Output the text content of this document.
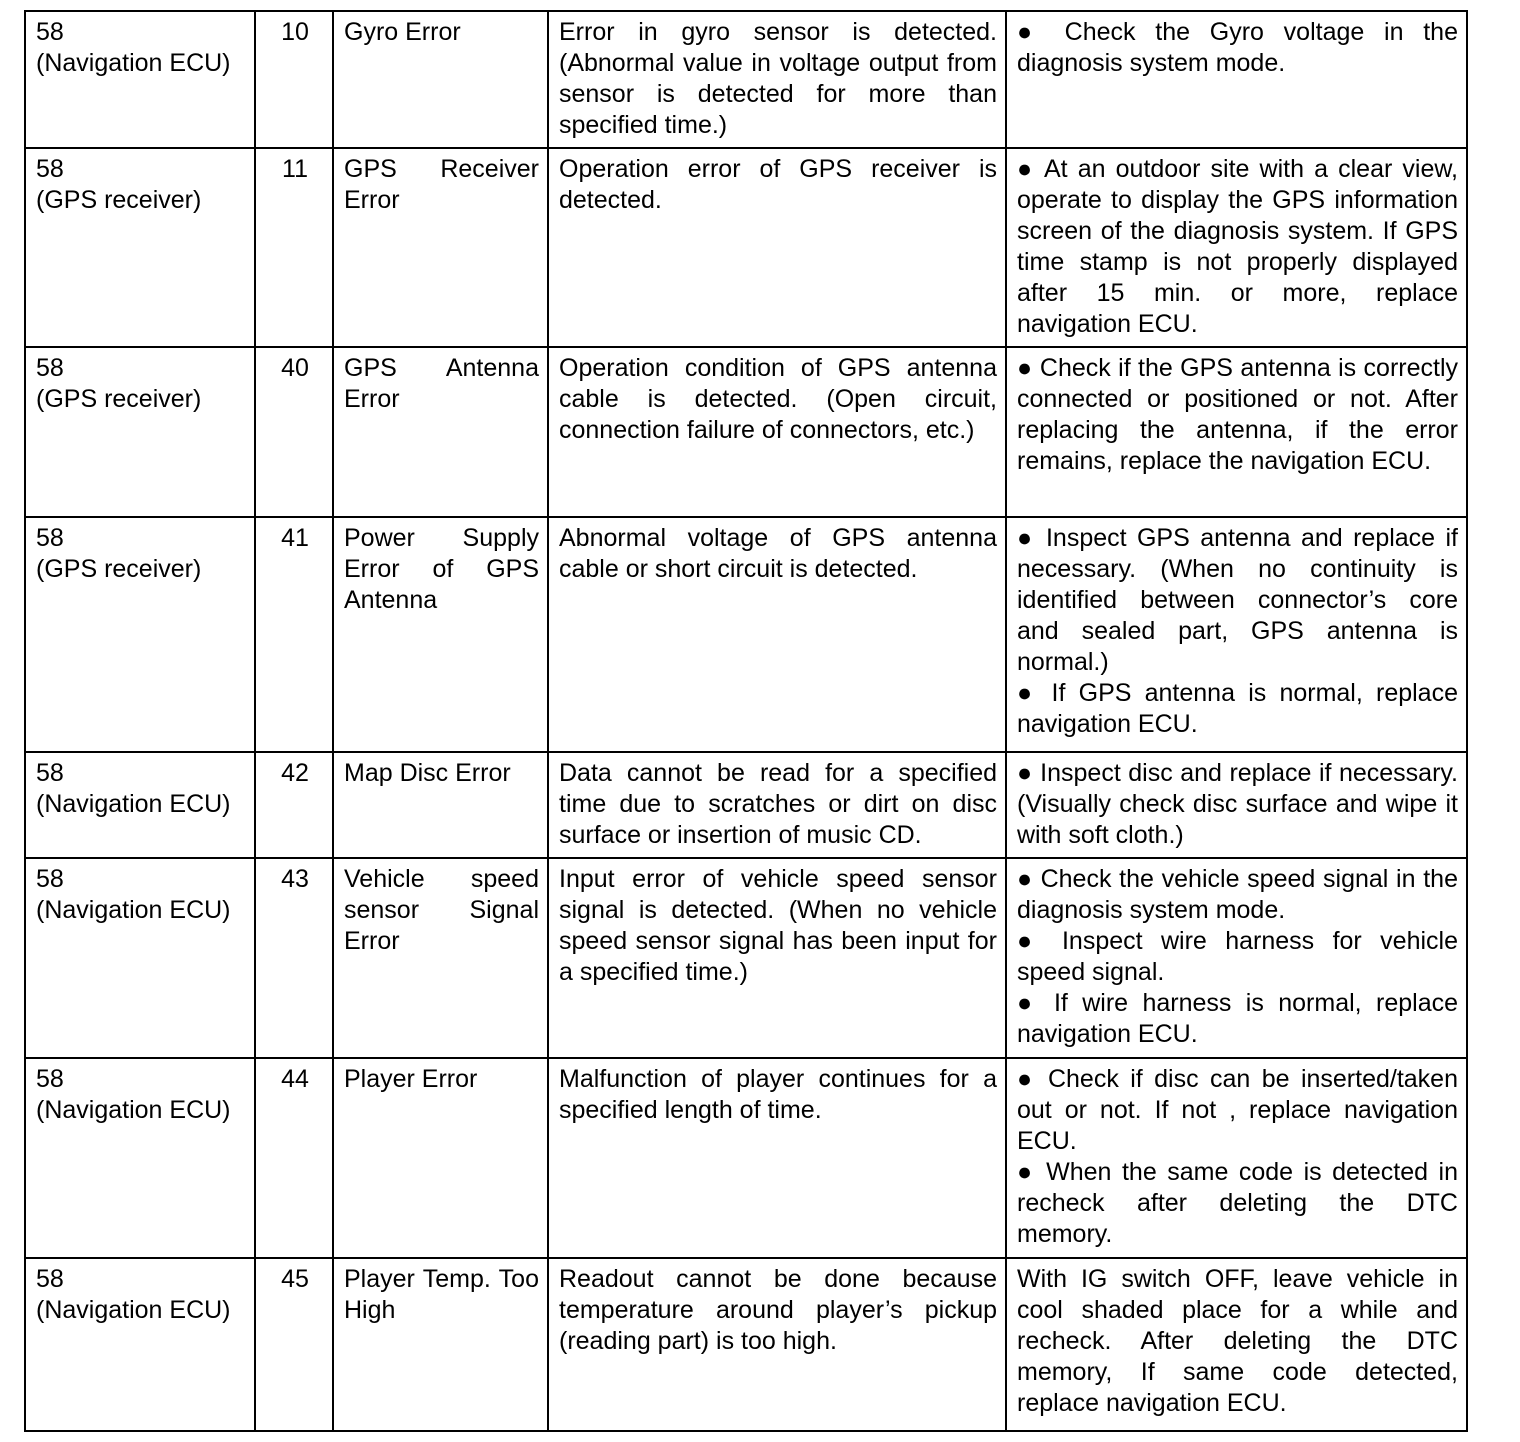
58
(Navigation ECU)	10	Gyro Error	Error in gyro sensor is detected. (Abnormal value in voltage output from sensor is detected for more than specified time.)	● Check the Gyro voltage in the diagnosis system mode.

58
(GPS receiver)	11	GPS Receiver Error	Operation error of GPS receiver is detected.	● At an outdoor site with a clear view, operate to display the GPS information screen of the diagnosis system. If GPS time stamp is not properly displayed after 15 min. or more, replace navigation ECU.

58
(GPS receiver)	40	GPS Antenna Error	Operation condition of GPS antenna cable is detected. (Open circuit, connection failure of connectors, etc.)	● Check if the GPS antenna is correctly connected or positioned or not. After replacing the antenna, if the error remains, replace the navigation ECU.

58
(GPS receiver)	41	Power Supply Error of GPS Antenna	Abnormal voltage of GPS antenna cable or short circuit is detected.	● Inspect GPS antenna and replace if necessary. (When no continuity is identified between connector’s core and sealed part, GPS antenna is normal.)
● If GPS antenna is normal, replace navigation ECU.

58
(Navigation ECU)	42	Map Disc Error	Data cannot be read for a specified time due to scratches or dirt on disc surface or insertion of music CD.	● Inspect disc and replace if necessary. (Visually check disc surface and wipe it with soft cloth.)

58
(Navigation ECU)	43	Vehicle speed sensor Signal Error	Input error of vehicle speed sensor signal is detected. (When no vehicle speed sensor signal has been input for a specified time.)	● Check the vehicle speed signal in the diagnosis system mode.
● Inspect wire harness for vehicle speed signal.
● If wire harness is normal, replace navigation ECU.

58
(Navigation ECU)	44	Player Error	Malfunction of player continues for a specified length of time.	● Check if disc can be inserted/taken out or not. If not , replace navigation ECU.
● When the same code is detected in recheck after deleting the DTC memory.

58
(Navigation ECU)	45	Player Temp. Too High	Readout cannot be done because temperature around player’s pickup (reading part) is too high.	With IG switch OFF, leave vehicle in cool shaded place for a while and recheck. After deleting the DTC memory, If same code detected, replace navigation ECU.
